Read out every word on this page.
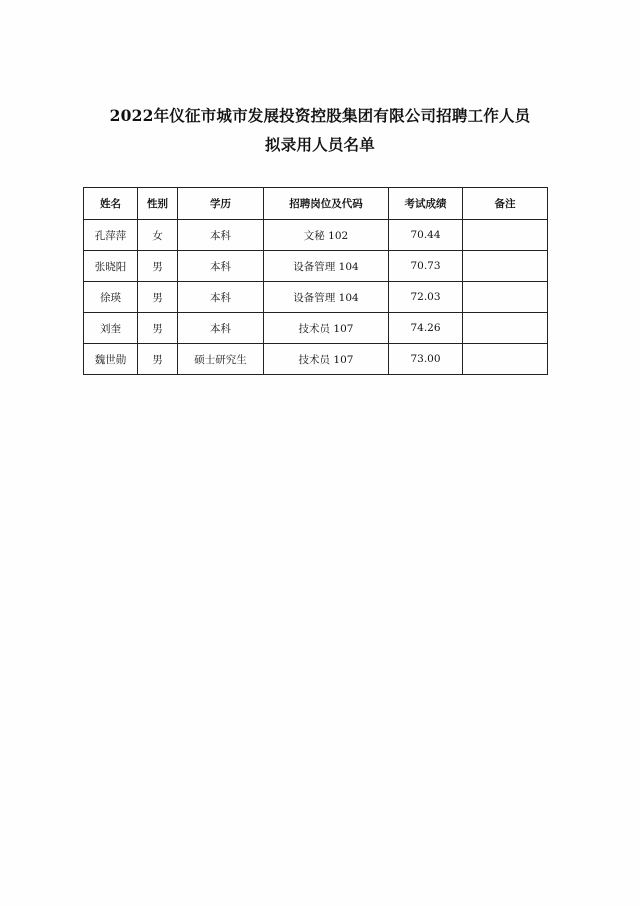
2022年仪征市城市发展投资控股集团有限公司招聘工作人员
拟录用人员名单
姓名	性别	学历	招聘岗位及代码	考试成绩	备注
孔萍萍	女	本科	文秘 102	70.44	
张晓阳	男	本科	设备管理 104	70.73	
徐瑛	男	本科	设备管理 104	72.03	
刘奎	男	本科	技术员 107	74.26	
魏世勋	男	硕士研究生	技术员 107	73.00	
